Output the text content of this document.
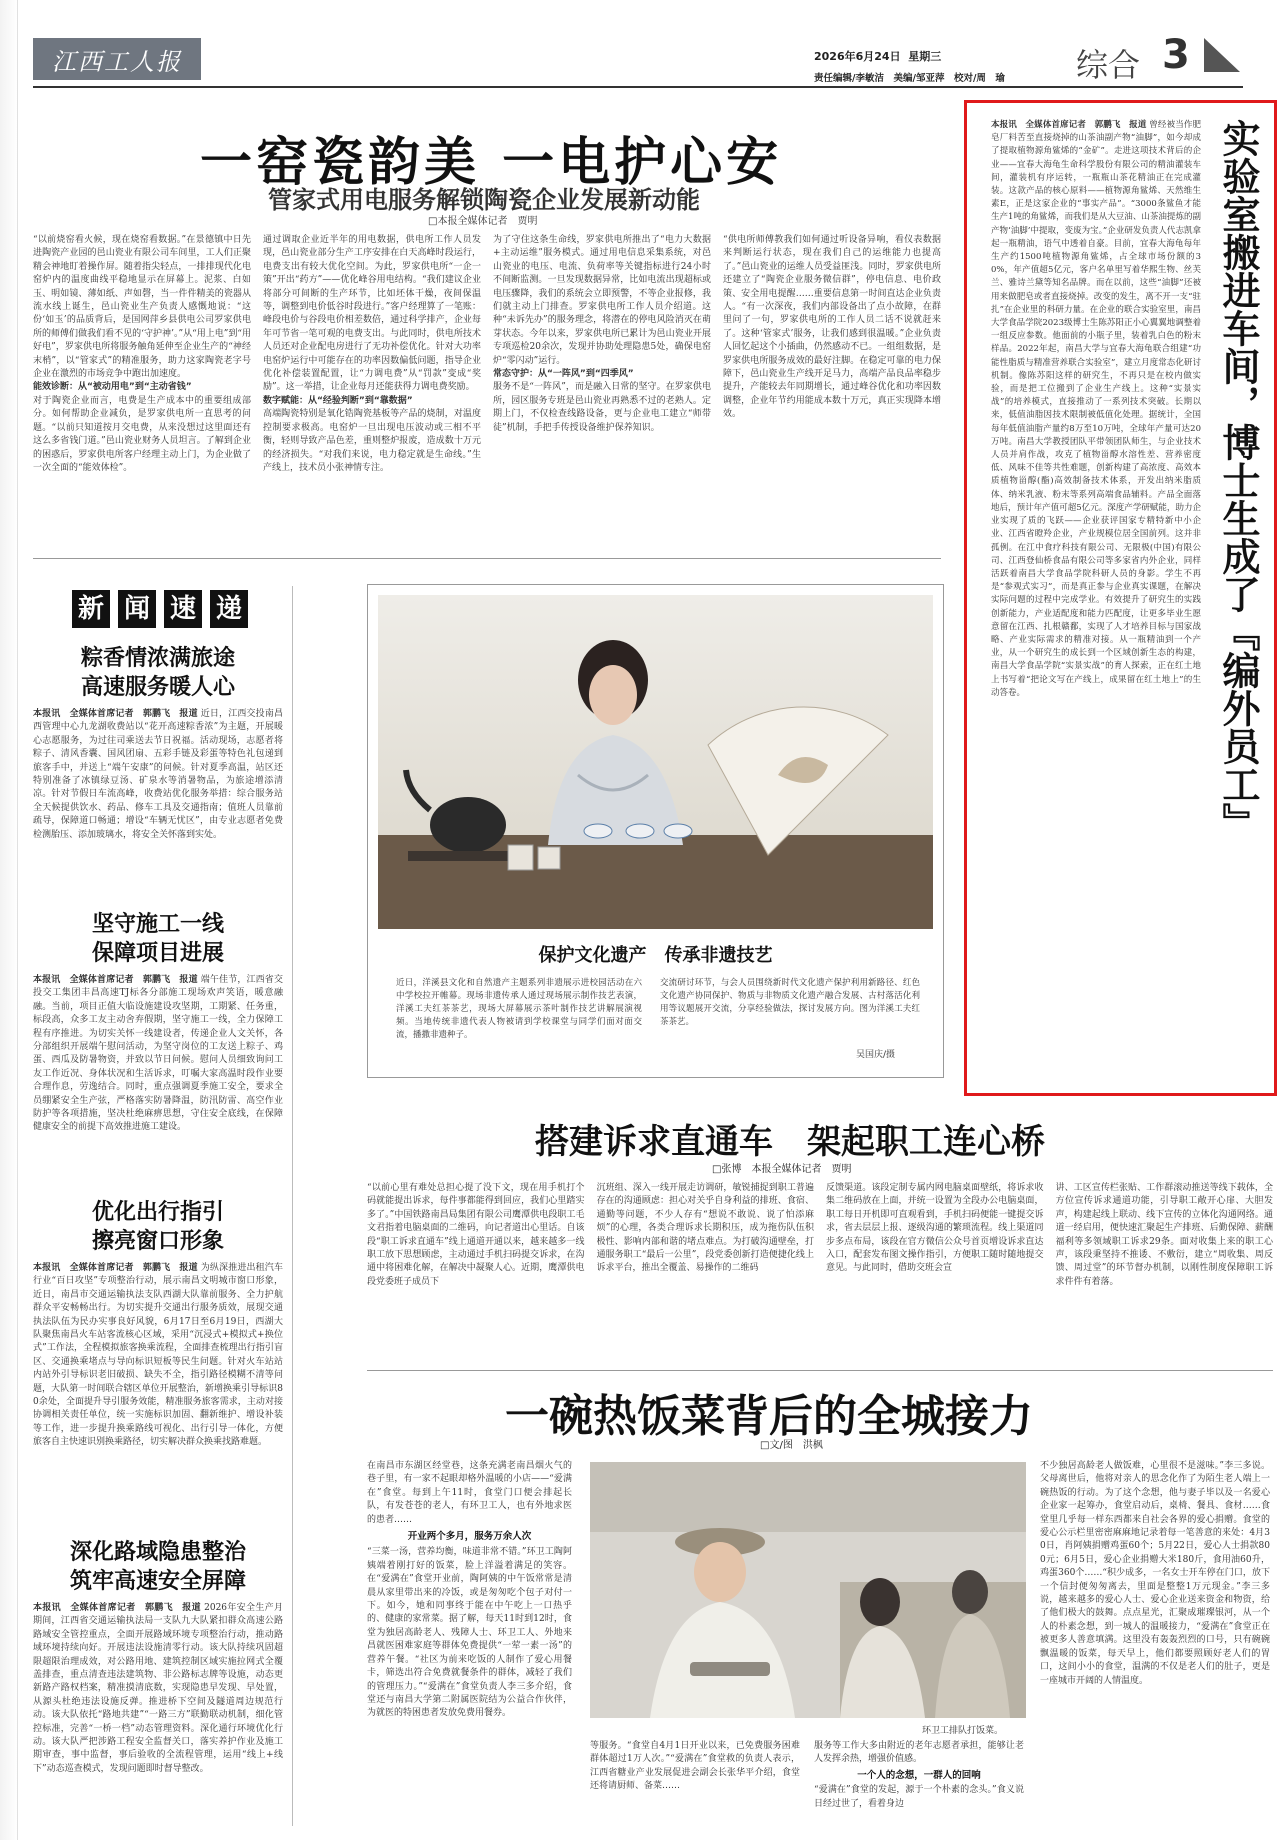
江西工人报	2026年6月24日 星期三
责任编辑/李敏洁　美编/邹亚萍　校对/周　瑜 综合 3
一窑瓷韵美 一电护心安
管家式用电服务解锁陶瓷企业发展新动能
□本报全媒体记者　贾明

“以前烧窑看火候，现在烧窑看数据。”在景德镇中日先进陶瓷产业园的邑山瓷业有限公司车间里，工人们正聚精会神地盯着操作屏。随着指尖轻点，一排排现代化电窑炉内的温度曲线平稳地显示在屏幕上。泥浆、白如玉、明如镜、薄如纸、声如磬，当一件件精美的瓷器从流水线上诞生，邑山瓷业生产负责人感慨地说：“这份‘如玉’的品质背后，是国网萍乡县供电公司罗家供电所的师傅们做我们看不见的‘守护神’。”从“用上电”到“用好电”，罗家供电所将服务触角延伸至企业生产的“神经末梢”，以“管家式”的精准服务，助力这家陶瓷老字号企业在激烈的市场竞争中跑出加速度。

能效诊断：从“被动用电”到“主动省钱”

对于陶瓷企业而言，电费是生产成本中的重要组成部分。如何帮助企业减负，是罗家供电所一直思考的问题。“以前只知道按月交电费，从来没想过这里面还有这么多省钱门道。”邑山瓷业财务人员坦言。了解到企业的困惑后，罗家供电所客户经理主动上门，为企业做了一次全面的“能效体检”。

通过调取企业近半年的用电数据，供电所工作人员发现，邑山瓷业部分生产工序安排在白天高峰时段运行，电费支出有较大优化空间。为此，罗家供电所“一企一策”开出“药方”——优化峰谷用电结构。“我们建议企业将部分可间断的生产环节，比如坯体干燥，夜间保温等，调整到电价低谷时段进行。”客户经理算了一笔账：峰段电价与谷段电价相差数倍，通过科学排产，企业每年可节省一笔可观的电费支出。与此同时，供电所技术人员还对企业配电房进行了无功补偿优化。针对大功率电窑炉运行中可能存在的功率因数偏低问题，指导企业优化补偿装置配置，让“力调电费”从“罚款”变成“奖励”。这一举措，让企业每月还能获得力调电费奖励。

数字赋能：从“经验判断”到“靠数据”

高端陶瓷特别是氧化锆陶瓷基板等产品的烧制，对温度控制要求极高。电窑炉一旦出现电压波动或三相不平衡，轻则导致产品色差，重则整炉报废，造成数十万元的经济损失。“对我们来说，电力稳定就是生命线。”生产线上，技术员小张神情专注。

为了守住这条生命线，罗家供电所推出了“电力大数据+主动运维”服务模式。通过用电信息采集系统，对邑山瓷业的电压、电流、负荷率等关键指标进行24小时不间断监测。一旦发现数据异常，比如电流出现超标或电压骤降，我们的系统会立即预警，不等企业报修，我们就主动上门排查。罗家供电所工作人员介绍道。这种“未诉先办”的服务理念，将潜在的停电风险消灭在萌芽状态。今年以来，罗家供电所已累计为邑山瓷业开展专项巡检20余次，发现并协助处理隐患5处，确保电窑炉“零闪动”运行。

常态守护：从“一阵风”到“四季风”

服务不是“一阵风”，而是融入日常的坚守。在罗家供电所，园区服务专班是邑山瓷业再熟悉不过的老熟人。定期上门，不仅检查线路设备，更与企业电工建立“师带徒”机制，手把手传授设备维护保养知识。

“供电所师傅教我们如何通过听设备异响，看仪表数据来判断运行状态，现在我们自己的运维能力也提高了。”邑山瓷业的运维人员受益匪浅。同时，罗家供电所还建立了“陶瓷企业服务微信群”，停电信息、电价政策、安全用电提醒……重要信息第一时间直达企业负责人。“有一次深夜，我们内部设备出了点小故障，在群里问了一句，罗家供电所的工作人员二话不说就赶来了。这种‘管家式’服务，让我们感到很温暖。”企业负责人回忆起这个小插曲，仍然感动不已。一组组数据，是罗家供电所服务成效的最好注脚。在稳定可靠的电力保障下，邑山瓷业生产线开足马力，高端产品良品率稳步提升，产能较去年同期增长，通过峰谷优化和功率因数调整，企业年节约用能成本数十万元，真正实现降本增效。

新 闻 速 递
粽香情浓满旅途
高速服务暖人心
本报讯　全媒体首席记者　郭鹏飞　报道 近日，江西交投南昌西管理中心九龙湖收费站以“花开高速粽香浓”为主题，开展暖心志愿服务，为过往司乘送去节日祝福。活动现场，志愿者将粽子、清风香囊、国风团扇、五彩手链及彩蛋等特色礼包递到旅客手中，并送上“端午安康”的问候。针对夏季高温，站区还特别准备了冰镇绿豆汤、矿泉水等消暑物品，为旅途增添清凉。针对节假日车流高峰，收费站优化服务举措：综合服务站全天候提供饮水、药品、修车工具及交通指南；值班人员靠前疏导，保障道口畅通；增设“车辆无忧区”，由专业志愿者免费检测胎压、添加玻璃水，将安全关怀落到实处。
坚守施工一线
保障项目进展
本报讯　全媒体首席记者　郭鹏飞　报道 端午佳节，江西省交投交工集团丰昌高速TJ标各分部施工现场欢声笑语，暖意融融。当前，项目正值大临设施建设攻坚期，工期紧、任务重，标段高，众多工友主动舍弃假期，坚守施工一线，全力保障工程有序推进。为切实关怀一线建设者，传递企业人文关怀，各分部组织开展端午慰问活动，为坚守岗位的工友送上粽子、鸡蛋、西瓜及防暑物资，并致以节日问候。慰问人员细致询问工友工作近况、身体状况和生活诉求，叮嘱大家高温时段作业要合理作息，劳逸结合。同时，重点强调夏季施工安全，要求全员绷紧安全生产弦，严格落实防暑降温，防汛防雷、高空作业防护等各项措施，坚决杜绝麻痹思想，守住安全底线，在保障健康安全的前提下高效推进施工建设。
优化出行指引
擦亮窗口形象
本报讯　全媒体首席记者　郭鹏飞　报道 为纵深推进出租汽车行业“百日攻坚”专项整治行动，展示南昌文明城市窗口形象，近日，南昌市交通运输执法支队西湖大队靠前服务、全力护航群众平安畅畅出行。为切实提升交通出行服务质效，展现交通执法队伍为民办实事良好风貌，6月17日至6月19日，西湖大队聚焦南昌火车站客流核心区域，采用“沉浸式+模拟式+换位式”工作法，全程模拟旅客换乘流程，全面排查梳理出行指引盲区、交通换乘堵点与导向标识短板等民生问题。针对火车站站内站外引导标识老旧破损、缺失不全，指引路径模糊不清等问题，大队第一时间联合辖区单位开展整治，新增换乘引导标识80余处，全面提升导引服务效能，精准服务旅客需求，主动对接协调相关责任单位，统一实施标识加固、翻新维护、增设补装等工作，进一步提升换乘路线可视化、出行引导一体化，方便旅客自主快速识别换乘路径，切实解决群众换乘找路难题。
深化路域隐患整治
筑牢高速安全屏障
本报讯　全媒体首席记者　郭鹏飞　报道 2026年安全生产月期间，江西省交通运输执法局一支队九大队紧扣群众高速公路路域安全管控重点，全面开展路域环境专项整治行动，推动路域环境持续向好。开展违法设施清零行动。该大队持续巩固超限超限治理成效，对公路用地、建筑控制区域实施拉网式全覆盖排查，重点清查违法建筑物、非公路标志牌等设施，动态更新路产路权档案，精准摸清底数，实现隐患早发现、早处置，从源头杜绝违法设施反弹。推进桥下空间及隧道周边规范行动。该大队依托“路地共建”“一路三方”联勤联动机制，细化管控标准，完善“一桥一档”动态管理资料。深化通行环境优化行动。该大队严把涉路工程安全监督关口，落实养护作业及施工期审查，事中监督，事后验收的全流程管理，运用“线上+线下”动态巡查模式，发现问题即时督导整改。
保护文化遗产　传承非遗技艺
近日，洋溪县文化和自然遗产主题系列非遗展示进校园活动在六中学校拉开帷幕。现场非遗传承人通过现场展示制作技艺表演，洋溪工夫红茶茶艺，现场大屏幕展示茶叶制作技艺讲解展演视频。当地传统非遗代表人物被请到学校课堂与同学们面对面交流，播撒非遗种子。
交流研讨环节，与会人员围绕新时代文化遗产保护利用新路径、红色文化遗产协同保护、物质与非物质文化遗产融合发展、古村落活化利用等议题展开交流，分享经验做法，探讨发展方向。图为洋溪工夫红茶茶艺。
吴国庆/摄
实验室搬进车间，博士生成了『编外员工』
本报讯　全媒体首席记者　郭鹏飞　报道 曾经被当作肥皂厂料苦至直接烧掉的山茶油副产物“油脚”，如今却成了提取植物源角鲨烯的“金矿”。走进这项技术背后的企业——宜春大海龟生命科学股份有限公司的精油灌装车间，灌装机有序运转，一瓶瓶山茶花精油正在完成灌装。这款产品的核心原料——植物源角鲨烯、天然维生素E，正是这家企业的“事实产品”。“3000条鲨鱼才能生产1吨的角鲨烯，而我们是从大豆油、山茶油提炼的副产物‘油脚’中提取，变废为宝。”企业研发负责人代志凯拿起一瓶精油，语气中透着自豪。目前，宜春大海龟每年生产约1500吨植物源角鲨烯，占全球市场份额的30%，年产值超5亿元，客户名单里写着华熙生物、丝芙兰、雅诗兰黛等知名品牌。而在以前，这些“油脚”还被用来做肥皂或者直接烧掉。改变的发生，离不开一支“驻扎”在企业里的科研力量。在企业的联合实验室里，南昌大学食品学院2023级博士生陈苏阳正小心翼翼地调整着一组反应参数。他面前的小瓶子里，装着乳白色的粉末样品。2022年起，南昌大学与宜春大海龟联合组建“功能性脂质与精准营养联合实验室”，建立月度常态化研讨机制。像陈苏阳这样的研究生，不再只是在校内做实验，而是把工位搬到了企业生产线上。这种“实景实战”的培养模式，直接推动了一系列技术突破。长期以来，低值油脂因技术限制被低值化处理。据统计，全国每年低值油脂产量约8万至10万吨，全球年产量可达20万吨。南昌大学教授团队平带领团队师生，与企业技术人员并肩作战，攻克了植物甾醇水溶性差、营养密度低、风味不佳等共性难题，创新构建了高浓度、高效本质植物甾醇(酯)高效制备技术体系，开发出纳米脂质体、纳米乳液、粉末等系列高端食品辅料。产品全面落地后，预计年产值可超5亿元。深度产学研赋能，助力企业实现了质的飞跃——企业获评国家专精特新中小企业、江西省瞪羚企业，产业规模位居全国前列。这并非孤例。在江中食疗科技有限公司、无限极(中国)有限公司、江西登仙桥食品有限公司等多家省内外企业，同样活跃着南昌大学食品学院科研人员的身影。学生不再是“参观式实习”，而是真正参与企业真实课题，在解决实际问题的过程中完成学业。有效提升了研究生的实践创新能力，产业适配度和能力匹配度，让更多毕业生愿意留在江西、扎根赣鄱，实现了人才培养目标与国家战略、产业实际需求的精准对接。从一瓶精油到一个产业，从一个研究生的成长到一个区域创新生态的构建，南昌大学食品学院“实景实战”的育人探索，正在红土地上书写着“把论文写在产线上，成果留在红土地上”的生动答卷。
搭建诉求直通车　架起职工连心桥
□张博　本报全媒体记者　贾明
“以前心里有难处总担心提了没下文，现在用手机打个码就能提出诉求，每件事都能得到回应，我们心里踏实多了。”中国铁路南昌局集团有限公司鹰潭供电段职工毛文君指着电脑桌面的二维码，向记者道出心里话。自该段“职工诉求直通车”线上通道开通以来，越来越多一线职工放下思想顾虑，主动通过手机扫码提交诉求，在沟通中将困难化解，在解决中凝聚人心。近期，鹰潭供电段党委班子成员下
沉班组、深入一线开展走访调研，敏锐捕捉到职工普遍存在的沟通顾虑：担心对关乎自身利益的排班、食宿、通勤等问题，不少人存有“想说不敢说、说了怕添麻烦”的心理，各类合理诉求长期积压，成为拖伤队伍积极性、影响内部和谐的堵点难点。为打破沟通壁垒，打通服务职工“最后一公里”，段党委创新打造便捷化线上诉求平台，推出全覆盖、易操作的二维码
反馈渠道。该段定制专属内网电脑桌面壁纸，将诉求收集二维码放在上面，并统一设置为全段办公电脑桌面，职工每日开机即可直观看到，手机扫码便能一键提交诉求，省去层层上报、逐级沟通的繁琐流程。线上渠道同步多点布局，该段在官方微信公众号首页增设诉求直达入口，配套发布图文操作指引，方便职工随时随地提交意见。与此同时，借助交班会宣
讲、工区宣传栏张贴、工作群滚动推送等线下载体，全方位宣传诉求通道功能，引导职工敞开心扉、大胆发声，构建起线上联动、线下宣传的立体化沟通网络。通道一经启用，便快速汇聚起生产排班、后勤保障、薪酬福利等多领域职工诉求29条。面对收集上来的职工心声，该段秉坚持不推诿、不敷衍，建立“周收集、周反馈、周过堂”的环节督办机制，以刚性制度保障职工诉求件件有着落。
一碗热饭菜背后的全城接力
□文/图　洪枫

在南昌市东湖区经堂巷，这条充满老南昌烟火气的巷子里，有一家不起眼却格外温暖的小店——“爱满在”食堂。每到上午11时，食堂门口便会排起长队，有发苍苍的老人，有环卫工人，也有外地求医的患者……

开业两个多月，服务万余人次

“三菜一汤，营养均衡，味道非常不错。”环卫工陶阿姨端着刚打好的饭菜，脸上洋溢着满足的笑容。在“爱满在”食堂开业前，陶阿姨的中午饭常常是清晨从家里带出来的冷饭，或是匆匆吃个包子对付一下。如今，她和同事终于能在中午吃上一口热乎的、健康的家常菜。据了解，每天11时到12时，食堂为独居高龄老人、残障人士、环卫工人、外地来昌就医困难家庭等群体免费提供“一荤一素一汤”的营养午餐。“社区为前来吃饭的人制作了爱心用餐卡，筛选出符合免费就餐条件的群体，减轻了我们的管理压力。”“爱满在”食堂负责人李三多介绍，食堂还与南昌大学第二附属医院结为公益合作伙伴，为就医的特困患者发放免费用餐券。

环卫工排队打饭菜。
等服务。“食堂自4月1日开业以来，已免费服务困难群体超过1万人次。”“爱满在”食堂救的负责人表示，江西省糖业产业发展促进会副会长张华平介绍，食堂还将请厨师、备菜……

服务等工作大多由附近的老年志愿者承担，能够让老人发挥余热，增强价值感。

一个人的念想，一群人的回响

“爱满在”食堂的发起，源于一个朴素的念头。”食义说日经过世了，看着身边

不少独居高龄老人做饭难，心里很不是滋味。”李三多说。父母离世后，他将对亲人的思念化作了为陌生老人端上一碗热饭的行动。为了这个念想，他与妻子毕以及一名爱心企业家一起筹办，食堂启动后，桌椅、餐具、食材……食堂里几乎每一样东西都来自社会各界的爱心捐赠。食堂的爱心公示栏里密密麻麻地记录着每一笔善意的来处：4月30日，肖阿姨捐赠鸡蛋60个；5月22日，爱心人士捐款800元；6月5日，爱心企业捐赠大米180斤，食用油60升，鸡蛋360个……“积少成多，一名女士开车停在门口，放下一个信封便匆匆离去，里面是整整1万元现金。”李三多说，越来越多的爱心人士、爱心企业送来资金和物资，给了他们极大的鼓舞。点点星光，汇聚成璀璨银河，从一个人的朴素念想，到一城人的温暖接力，“爱满在”食堂正在被更多人善意填满。这里没有轰轰烈烈的口号，只有碗碗飘温暖的饭菜，每天早上，他们都要照顾好老人们的胃口，这间小小的食堂，温满的不仅是老人们的肚子，更是一座城市开阔的人情温度。
